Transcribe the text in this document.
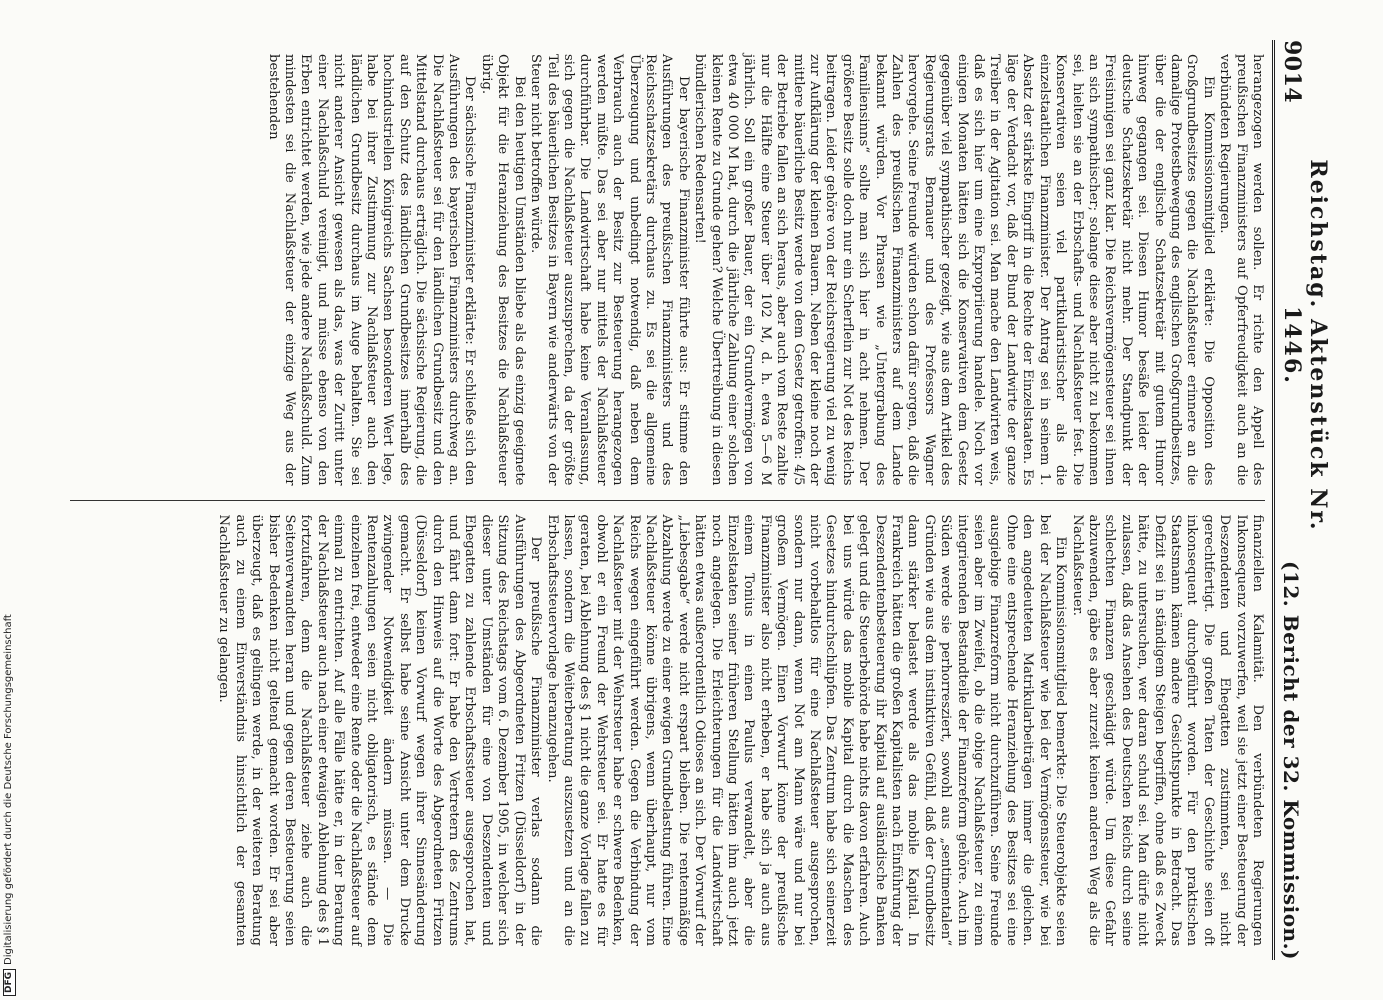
9014
Reichstag. Aktenstück Nr. 1446.
(12. Bericht der 32. Kommission.)

herangezogen werden sollen. Er richte den Appell des preußischen Finanzministers auf Opferfreudigkeit auch an die verbündeten Regierungen.

Ein Kommissionsmitglied erklärte: Die Opposition des Großgrundbesitzes gegen die Nachlaßsteuer erinnere an die damalige Protestbewegung des englischen Großgrundbesitzes, über die der englische Schatzsekretär mit gutem Humor hinweg gegangen sei. Diesen Humor besäße leider der deutsche Schatzsekretär nicht mehr. Der Standpunkt der Freisinnigen sei ganz klar. Die Reichsvermögensteuer sei ihnen an sich sympathischer; solange diese aber nicht zu bekommen sei, hielten sie an der Erbschafts- und Nachlaßsteuer fest. Die Konservativen seien viel partikularistischer als die einzelstaatlichen Finanzminister. Der Antrag sei in seinem 1. Absatz der stärkste Eingriff in die Rechte der Einzelstaaten. Es läge der Verdacht vor, daß der Bund der Landwirte der ganze Treiber in der Agitation sei. Man mache den Landwirten weis, daß es sich hier um eine Expropriierung handele. Noch vor einigen Monaten hätten sich die Konservativen dem Gesetz gegenüber viel sympathischer gezeigt, wie aus dem Artikel des Regierungsrats Bernauer und des Professors Wagner hervorgehe. Seine Freunde würden schon dafür sorgen, daß die Zahlen des preußischen Finanzministers auf dem Lande bekannt würden. Vor Phrasen wie „Untergrabung des Familiensinns“ sollte man sich hier in acht nehmen. Der größere Besitz solle doch nur ein Scherflein zur Not des Reichs beitragen. Leider gehöre von der Reichsregierung viel zu wenig zur Aufklärung der kleinen Bauern. Neben der kleine noch der mittlere bäuerliche Besitz werde von dem Gesetz getroffen: 4/5 der Betriebe fallen an sich heraus, aber auch vom Reste zahlte nur die Hälfte eine Steuer über 102 M, d. h. etwa 5—6 M jährlich. Soll ein großer Bauer, der ein Grundvermögen von etwa 40 000 M hat, durch die jährliche Zahlung einer solchen kleinen Rente zu Grunde gehen? Welche Übertreibung in diesen bündlerischen Redensarten!

Der bayerische Finanzminister führte aus: Er stimme den Ausführungen des preußischen Finanzministers und des Reichsschatzsekretärs durchaus zu. Es sei die allgemeine Überzeugung und unbedingt notwendig, daß neben dem Verbrauch auch der Besitz zur Besteuerung herangezogen werden müßte. Das sei aber nur mittels der Nachlaßsteuer durchführbar. Die Landwirtschaft habe keine Veranlassung, sich gegen die Nachlaßsteuer auszusprechen, da der größte Teil des bäuerlichen Besitzes in Bayern wie anderwärts von der Steuer nicht betroffen würde.

Bei den heutigen Umständen bliebe als das einzig geeignete Objekt für die Heranziehung des Besitzes die Nachlaßsteuer übrig.

Der sächsische Finanzminister erklärte: Er schließe sich den Ausführungen des bayerischen Finanzministers durchweg an. Die Nachlaßsteuer sei für den ländlichen Grundbesitz und den Mittelstand durchaus erträglich. Die sächsische Regierung, die auf den Schutz des ländlichen Grundbesitzes innerhalb des hochindustriellen Königreichs Sachsen besonderen Wert lege, habe bei ihrer Zustimmung zur Nachlaßsteuer auch den ländlichen Grundbesitz durchaus im Auge behalten. Sie sei nicht anderer Ansicht gewesen als das, was der Zuritt unter einer Nachlaßschuld vereinigt, und müsse ebenso von den Erben entrichtet werden, wie jede andere Nachlaßschuld. Zum mindesten sei die Nachlaßsteuer der einzige Weg aus der bestehenden

finanziellen Kalamität. Den verbündeten Regierungen Inkonsequenz vorzuwerfen, weil sie jetzt einer Besteuerung der Deszendenten und Ehegatten zustimmten, sei nicht gerechtfertigt. Die großen Taten der Geschichte seien oft inkonsequent durchgeführt worden. Für den praktischen Staatsmann kämen andere Gesichtspunkte in Betracht. Das Defizit sei in ständigem Steigen begriffen, ohne daß es Zweck hätte, zu untersuchen, wer daran schuld sei. Man dürfe nicht zulassen, daß das Ansehen des Deutschen Reichs durch seine schlechten Finanzen geschädigt würde. Um diese Gefahr abzuwenden, gäbe es aber zurzeit keinen anderen Weg als die Nachlaßsteuer.

Ein Kommissionsmitglied bemerkte: Die Steuerobjekte seien bei der Nachlaßsteuer wie bei der Vermögenssteuer, wie bei den angedeuteten Matrikularbeiträgen immer die gleichen. Ohne eine entsprechende Heranziehung des Besitzes sei eine ausgiebige Finanzreform nicht durchzuführen. Seine Freunde seien aber im Zweifel, ob die obige Nachlaßsteuer zu einem integrierenden Bestandteile der Finanzreform gehöre. Auch im Süden werde sie perhorresziert, sowohl aus „sentimentalen“ Gründen wie aus dem instinktiven Gefühl, daß der Grundbesitz dann stärker belastet werde als das mobile Kapital. In Frankreich hätten die großen Kapitalisten nach Einführung der Deszendentenbesteuerung ihr Kapital auf ausländische Banken gelegt und die Steuerbehörde habe nichts davon erfahren. Auch bei uns würde das mobile Kapital durch die Maschen des Gesetzes hindurchschlüpfen. Das Zentrum habe sich seinerzeit nicht vorbehaltlos für eine Nachlaßsteuer ausgesprochen, sondern nur dann, wenn Not am Mann wäre und nur bei großem Vermögen. Einen Vorwurf könne der preußische Finanzminister also nicht erheben, er habe sich ja auch aus einem Tonius in einen Paulus verwandelt, aber die Einzelstaaten seiner früheren Stellung hätten ihm auch jetzt noch angelegen. Die Erleichterungen für die Landwirtschaft hätten etwas außerordentlich Odioses an sich. Der Vorwurf der „Liebesgabe“ werde nicht erspart bleiben. Die rentenmäßige Abzahlung werde zu einer ewigen Grundbelastung führen. Eine Nachlaßsteuer könne übrigens, wenn überhaupt, nur vom Reichs wegen eingeführt werden. Gegen die Verbindung der Nachlaßsteuer mit der Wehrsteuer habe er schwere Bedenken, obwohl er ein Freund der Wehrsteuer sei. Er hatte es für geraten, bei Ablehnung des § 1 nicht die ganze Vorlage fallen zu lassen, sondern die Weiterberatung auszusetzen und an die Erbschaftssteuervorlage heranzugehen.

Der preußische Finanzminister verlas sodann die Ausführungen des Abgeordneten Fritzen (Düsseldorf) in der Sitzung des Reichstags vom 6. Dezember 1905, in welcher sich dieser unter Umständen für eine von Deszendenten und Ehegatten zu zahlende Erbschaftssteuer ausgesprochen hat, und fährt dann fort: Er habe den Vertretern des Zentrums durch den Hinweis auf die Worte des Abgeordneten Fritzen (Düsseldorf) keinen Vorwurf wegen ihrer Sinnesänderung gemacht. Er selbst habe seine Ansicht unter dem Drucke zwingender Notwendigkeit ändern müssen. — Die Rentenzahlungen seien nicht obligatorisch, es stände dem einzelnen frei, entweder eine Rente oder die Nachlaßsteuer auf einmal zu entrichten. Auf alle Fälle hätte er, in der Beratung der Nachlaßsteuer auch nach einer etwaigen Ablehnung des § 1 fortzufahren, denn die Nachlaßsteuer ziehe auch die Seitenverwandten heran und gegen deren Besteuerung seien bisher Bedenken nicht geltend gemacht worden. Er sei aber überzeugt, daß es gelingen werde, in der weiteren Beratung auch zu einem Einverständnis hinsichtlich der gesamten Nachlaßsteuer zu gelangen.

DFG
Digitalisierung gefördert durch die Deutsche Forschungsgemeinschaft
